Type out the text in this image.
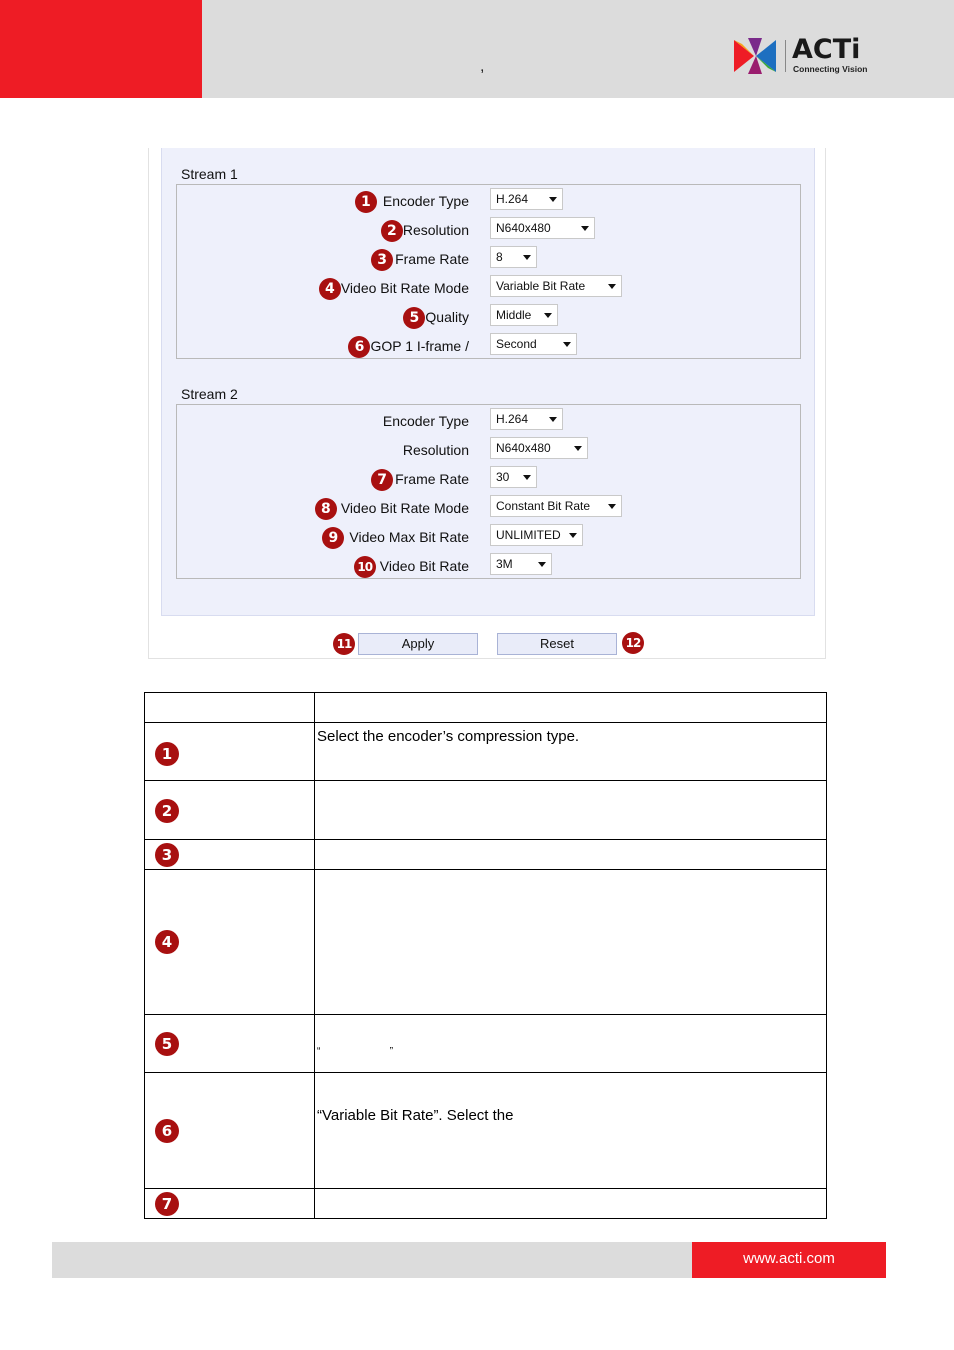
,
ACTi
Connecting Vision
Stream 1
1 Encoder Type	H.264
2 Resolution	N640x480
3 Frame Rate	8
4 Video Bit Rate Mode	Variable Bit Rate
5 Quality	Middle
6 GOP 1 I-frame /	Second
Stream 2
Encoder Type	H.264
Resolution	N640x480
7 Frame Rate	30
8 Video Bit Rate Mode	Constant Bit Rate
9 Video Max Bit Rate	UNLIMITED
10 Video Bit Rate	3M
11	Apply	Reset	12

1	Select the encoder’s compression type.

2	

3	

4	

5	“                         ”

6	“Variable Bit Rate”. Select the

7	

www.acti.com
